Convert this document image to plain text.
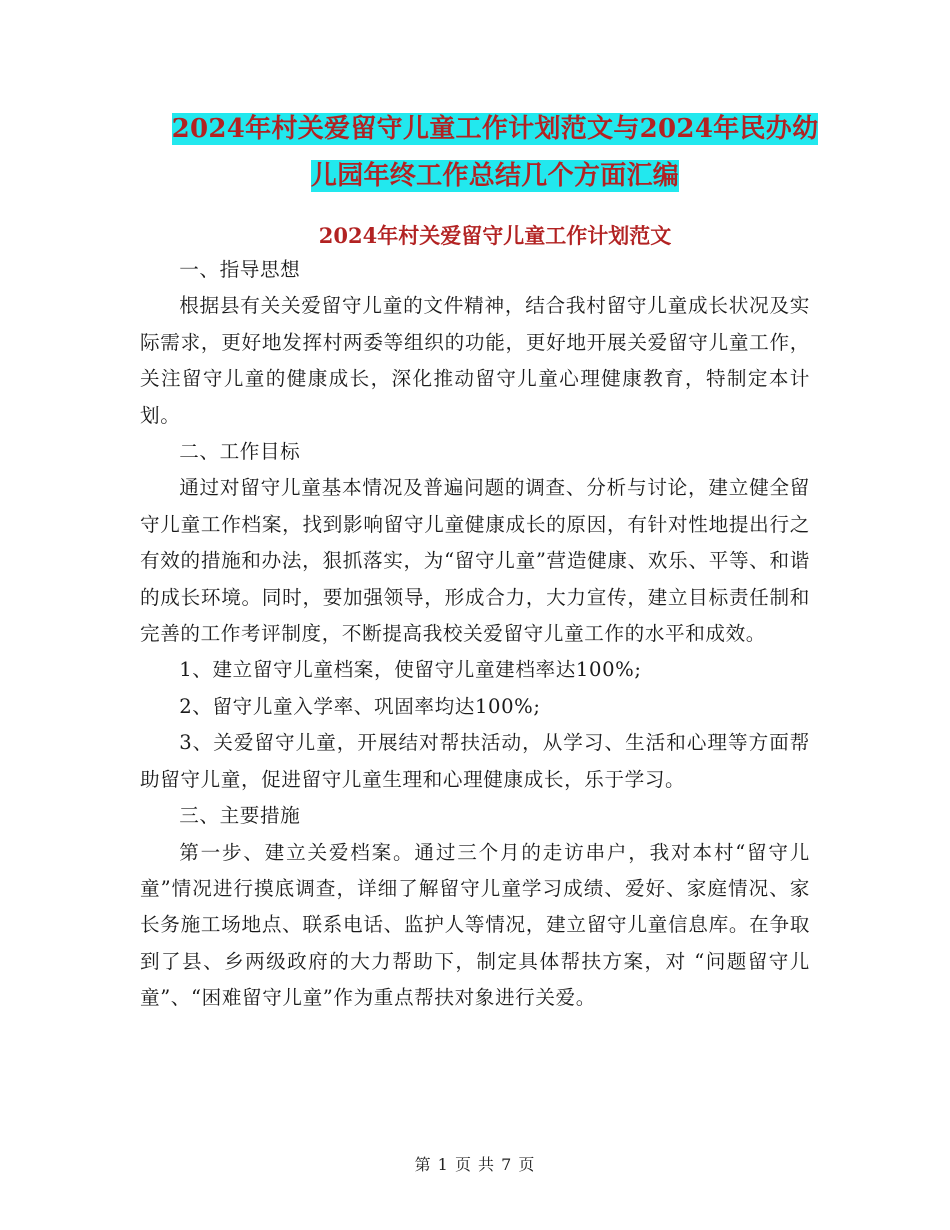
2024年村关爱留守儿童工作计划范文与2024年民办幼
儿园年终工作总结几个方面汇编
2024年村关爱留守儿童工作计划范文

一、指导思想

根据县有关关爱留守儿童的文件精神，结合我村留守儿童成长状况及实际需求，更好地发挥村两委等组织的功能，更好地开展关爱留守儿童工作，关注留守儿童的健康成长，深化推动留守儿童心理健康教育，特制定本计划。

二、工作目标

通过对留守儿童基本情况及普遍问题的调查、分析与讨论，建立健全留守儿童工作档案，找到影响留守儿童健康成长的原因，有针对性地提出行之有效的措施和办法，狠抓落实，为“留守儿童”营造健康、欢乐、平等、和谐的成长环境。同时，要加强领导，形成合力，大力宣传，建立目标责任制和完善的工作考评制度，不断提高我校关爱留守儿童工作的水平和成效。

1、建立留守儿童档案，使留守儿童建档率达100%;

2、留守儿童入学率、巩固率均达100%;

3、关爱留守儿童，开展结对帮扶活动，从学习、生活和心理等方面帮助留守儿童，促进留守儿童生理和心理健康成长，乐于学习。

三、主要措施

第一步、建立关爱档案。通过三个月的走访串户，我对本村“留守儿童”情况进行摸底调查，详细了解留守儿童学习成绩、爱好、家庭情况、家长务施工场地点、联系电话、监护人等情况，建立留守儿童信息库。在争取到了县、乡两级政府的大力帮助下，制定具体帮扶方案，对 “问题留守儿童”、“困难留守儿童”作为重点帮扶对象进行关爱。

第 1 页 共 7 页
